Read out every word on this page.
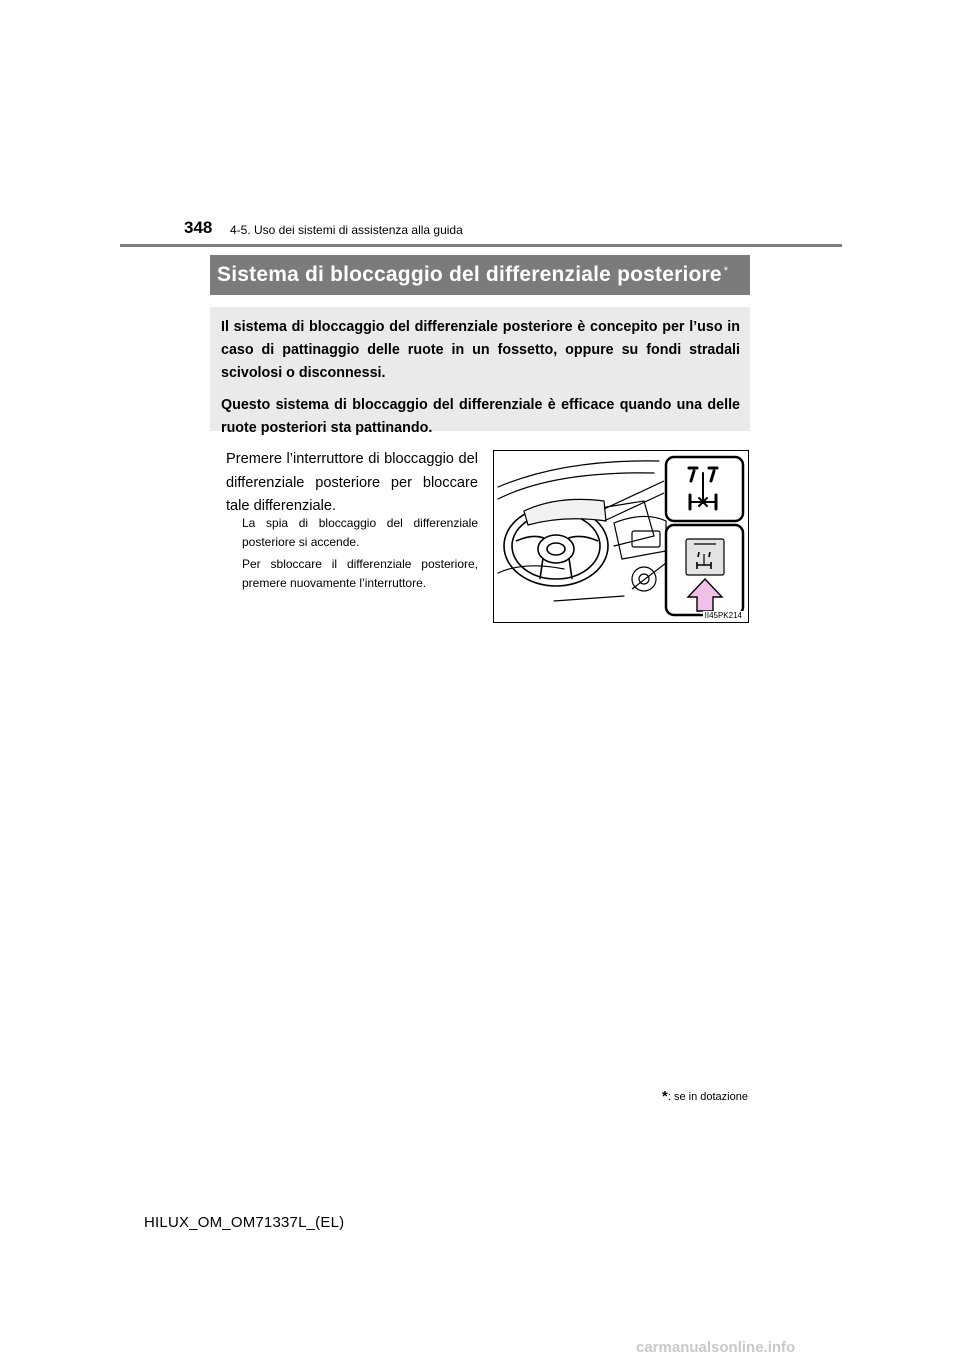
348 4-5. Uso dei sistemi di assistenza alla guida
Sistema di bloccaggio del differenziale posteriore*

Il sistema di bloccaggio del differenziale posteriore è concepito per l’uso in caso di pattinaggio delle ruote in un fossetto, oppure su fondi stradali scivolosi o disconnessi.

Questo sistema di bloccaggio del differenziale è efficace quando una delle ruote posteriori sta pattinando.

Premere l’interruttore di bloccaggio del differenziale posteriore per bloccare tale differenziale.
La spia di bloccaggio del differenziale posteriore si accende.
Per sbloccare il differenziale posteriore, premere nuovamente l’interruttore.
II45PK214
*: se in dotazione
HILUX_OM_OM71337L_(EL)
carmanualsonline.info
